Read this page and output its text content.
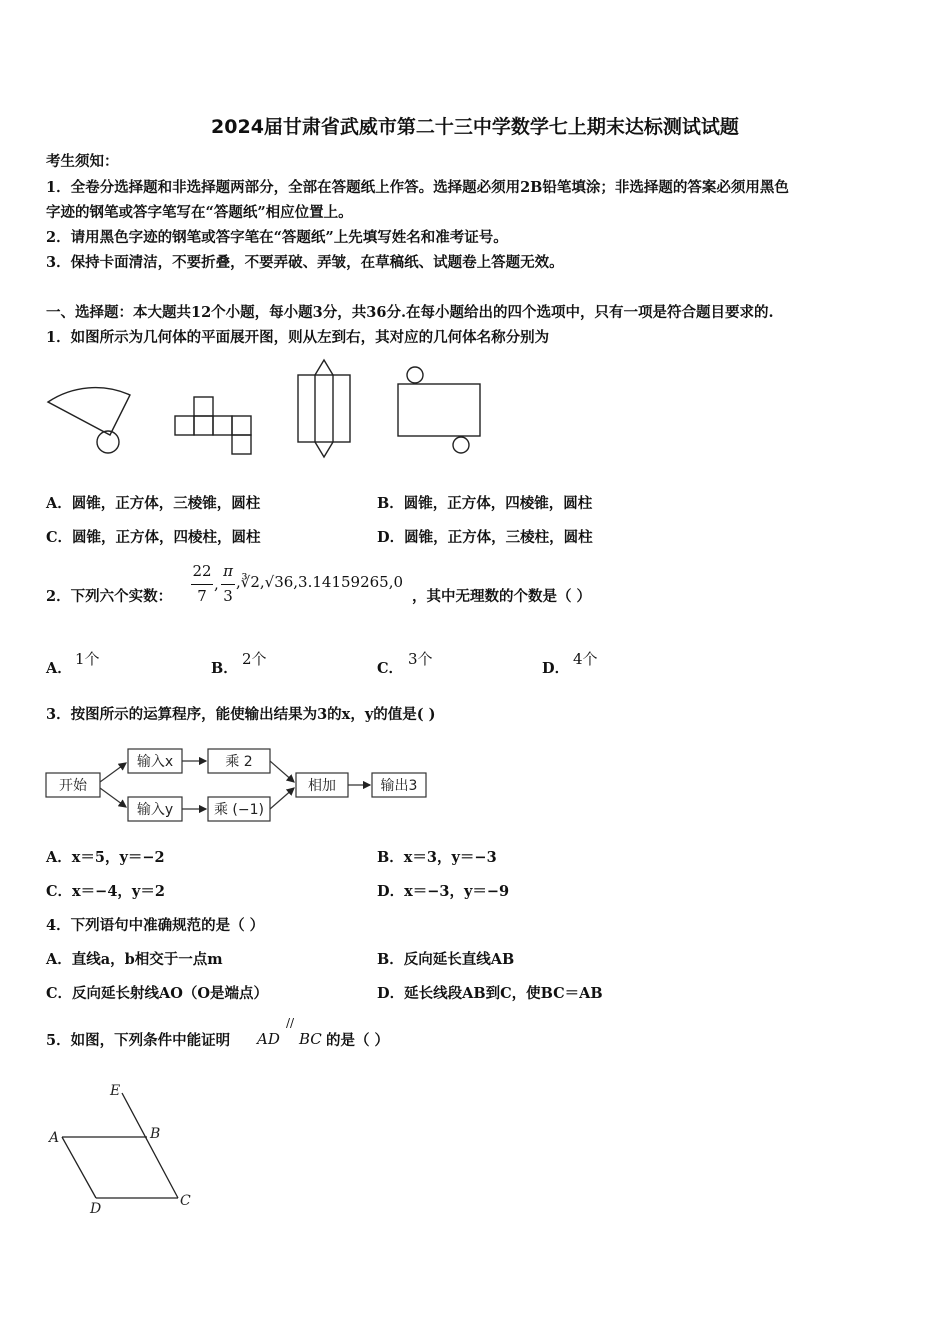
2024届甘肃省武威市第二十三中学数学七上期末达标测试试题
考生须知：
1．全卷分选择题和非选择题两部分，全部在答题纸上作答。选择题必须用2B铅笔填涂；非选择题的答案必须用黑色
字迹的钢笔或答字笔写在“答题纸”相应位置上。
2．请用黑色字迹的钢笔或答字笔在“答题纸”上先填写姓名和准考证号。
3．保持卡面清洁，不要折叠，不要弄破、弄皱，在草稿纸、试题卷上答题无效。
一、选择题：本大题共12个小题，每小题3分，共36分.在每小题给出的四个选项中，只有一项是符合题目要求的.
1．如图所示为几何体的平面展开图，则从左到右，其对应的几何体名称分别为
A．圆锥，正方体，三棱锥，圆柱	B．圆锥，正方体，四棱锥，圆柱
C．圆锥，正方体，四棱柱，圆柱	D．圆锥，正方体，三棱柱，圆柱
2．下列六个实数：
22
7
,
π
3
,∛2,√36,3.14159265,0
，其中无理数的个数是（ ）
A．
1个
B．
2个
C．
3个
D．
4个
3．按图所示的运算程序，能使输出结果为3的x，y的值是( )
开始
输入x	乘 2
输入y	乘 (−1)
相加	输出3
A．x＝5，y＝−2	B．x＝3，y＝−3
C．x＝−4，y＝2	D．x＝−3，y＝−9
4．下列语句中准确规范的是（ ）
A．直线a，b相交于一点m	B．反向延长直线AB
C．反向延长射线AO（O是端点）	D．延长线段AB到C，使BC＝AB
5．如图，下列条件中能证明 AD
//
BC 的是（ ）
E
A	B
D	C
